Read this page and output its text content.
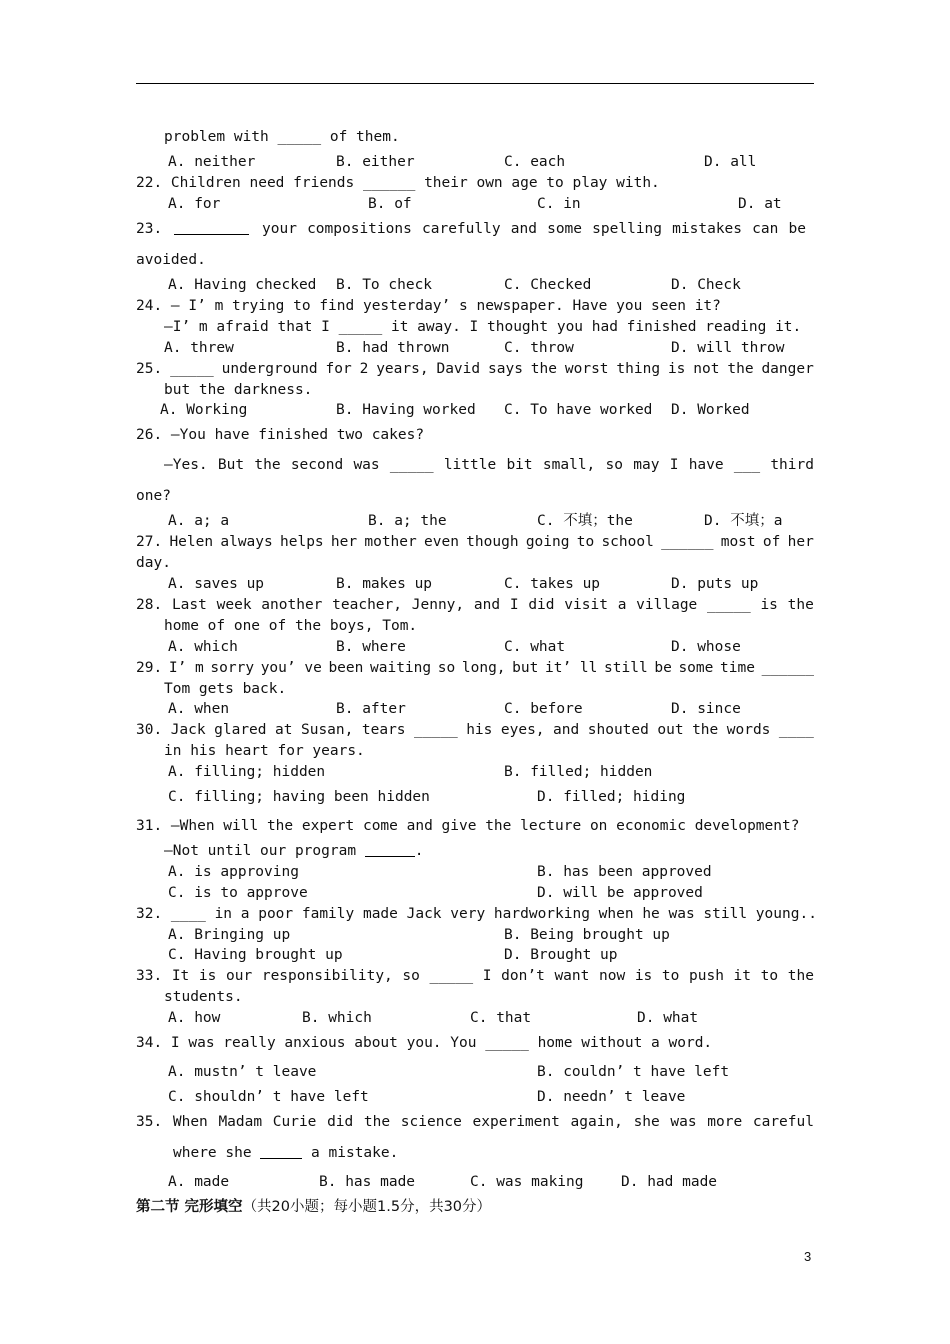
problem with _____ of them.
A. neither	B. either	C. each	D. all
22. Children need friends ______ their own age to play with.
A. for	B. of	C. in	D. at
23.	your compositions carefully and some spelling mistakes can be
avoided.
A. Having checked B. To check	C. Checked	D. Check
24. — I’ m trying to find yesterday’ s newspaper. Have you seen it?
—I’ m afraid that I _____ it away. I thought you had finished reading it.
A. threw	B. had thrown	C. throw	D. will throw
25. _____ underground for 2 years, David says the worst thing is not the danger
but the darkness.
A. Working	B. Having worked C. To have worked D. Worked
26. —You have finished two cakes?
—Yes. But the second was _____ little bit small, so may I have ___ third
one?
A. a; a	B. a; the	C. 不填；the	D. 不填；a
27. Helen always helps her mother even though going to school ______ most of her
day.
A. saves up	B. makes up	C. takes up	D. puts up
28. Last week another teacher, Jenny, and I did visit a village _____ is the
home of one of the boys, Tom.
A. which	B. where	C. what	D. whose
29. I’ m sorry you’ ve been waiting so long, but it’ ll still be some time ______
Tom gets back.
A. when	B. after	C. before	D. since
30. Jack glared at Susan, tears _____ his eyes, and shouted out the words ____
in his heart for years.
A. filling; hidden	B. filled; hidden
C. filling; having been hidden	D. filled; hiding
31. —When will the expert come and give the lecture on economic development?
—Not until our program	.
A. is approving	B. has been approved
C. is to approve	D. will be approved
32. ____ in a poor family made Jack very hardworking when he was still young..
A. Bringing up	B. Being brought up
C. Having brought up	D. Brought up
33. It is our responsibility, so _____ I don’t want now is to push it to the
students.
A. how	B. which	C. that	D. what
34. I was really anxious about you. You _____ home without a word.
A. mustn’ t leave	B. couldn’ t have left
C. shouldn’ t have left	D. needn’ t leave
35. When Madam Curie did the science experiment again, she was more careful
where she	a mistake.
A. made	B. has made	C. was making	D. had made
第二节 完形填空（共20小题；每小题1.5分，共30分）
3
